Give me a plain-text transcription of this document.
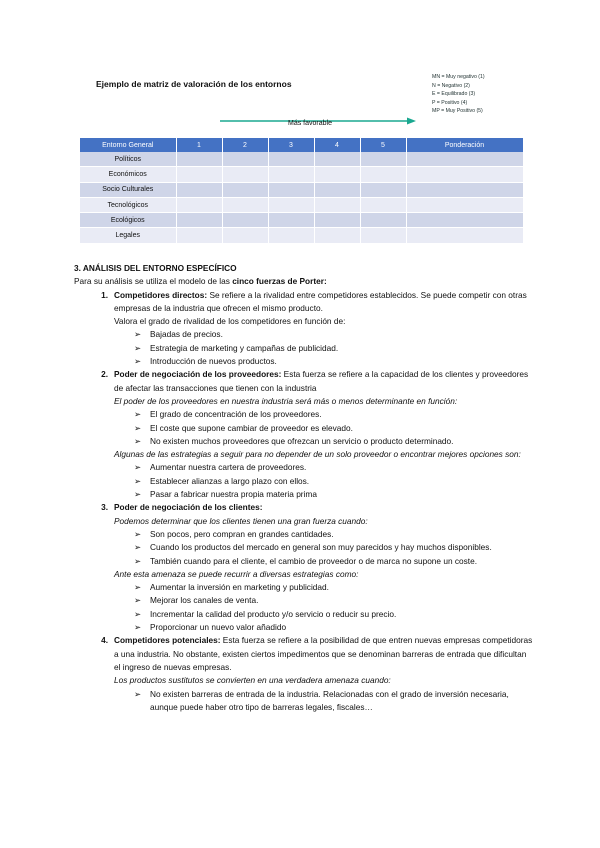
Ejemplo de matriz de valoración de los entornos
MN = Muy negativo (1)
N = Negativo (2)
E = Equilibrado (3)
P = Positivo (4)
MP = Muy Positivo (5)
Más favorable
Entorno General	1	2	3	4	5	Ponderación
Políticos						
Económicos						
Socio Culturales						
Tecnológicos						
Ecológicos						
Legales						
3. ANÁLISIS DEL ENTORNO ESPECÍFICO
Para su análisis se utiliza el modelo de las cinco fuerzas de Porter:
1. Competidores directos: Se refiere a la rivalidad entre competidores establecidos. Se puede competir con otras empresas de la industria que ofrecen el mismo producto.
Valora el grado de rivalidad de los competidores en función de:
➢	Bajadas de precios.
➢	Estrategia de marketing y campañas de publicidad.
➢	Introducción de nuevos productos.
2. Poder de negociación de los proveedores: Esta fuerza se refiere a la capacidad de los clientes y proveedores de afectar las transacciones que tienen con la industria
El poder de los proveedores en nuestra industria será más o menos determinante en función:
➢	El grado de concentración de los proveedores.
➢	El coste que supone cambiar de proveedor es elevado.
➢	No existen muchos proveedores que ofrezcan un servicio o producto determinado.
Algunas de las estrategias a seguir para no depender de un solo proveedor o encontrar mejores opciones son:
➢	Aumentar nuestra cartera de proveedores.
➢	Establecer alianzas a largo plazo con ellos.
➢	Pasar a fabricar nuestra propia materia prima
3. Poder de negociación de los clientes:
Podemos determinar que los clientes tienen una gran fuerza cuando:
➢	Son pocos, pero compran en grandes cantidades.
➢	Cuando los productos del mercado en general son muy parecidos y hay muchos disponibles.
➢	También cuando para el cliente, el cambio de proveedor o de marca no supone un coste.
Ante esta amenaza se puede recurrir a diversas estrategias como:
➢	Aumentar la inversión en marketing y publicidad.
➢	Mejorar los canales de venta.
➢	Incrementar la calidad del producto y/o servicio o reducir su precio.
➢	Proporcionar un nuevo valor añadido
4. Competidores potenciales: Esta fuerza se refiere a la posibilidad de que entren nuevas empresas competidoras a una industria. No obstante, existen ciertos impedimentos que se denominan barreras de entrada que dificultan el ingreso de nuevas empresas.
Los productos sustitutos se convierten en una verdadera amenaza cuando:
➢	No existen barreras de entrada de la industria. Relacionadas con el grado de inversión necesaria, aunque puede haber otro tipo de barreras legales, fiscales…
